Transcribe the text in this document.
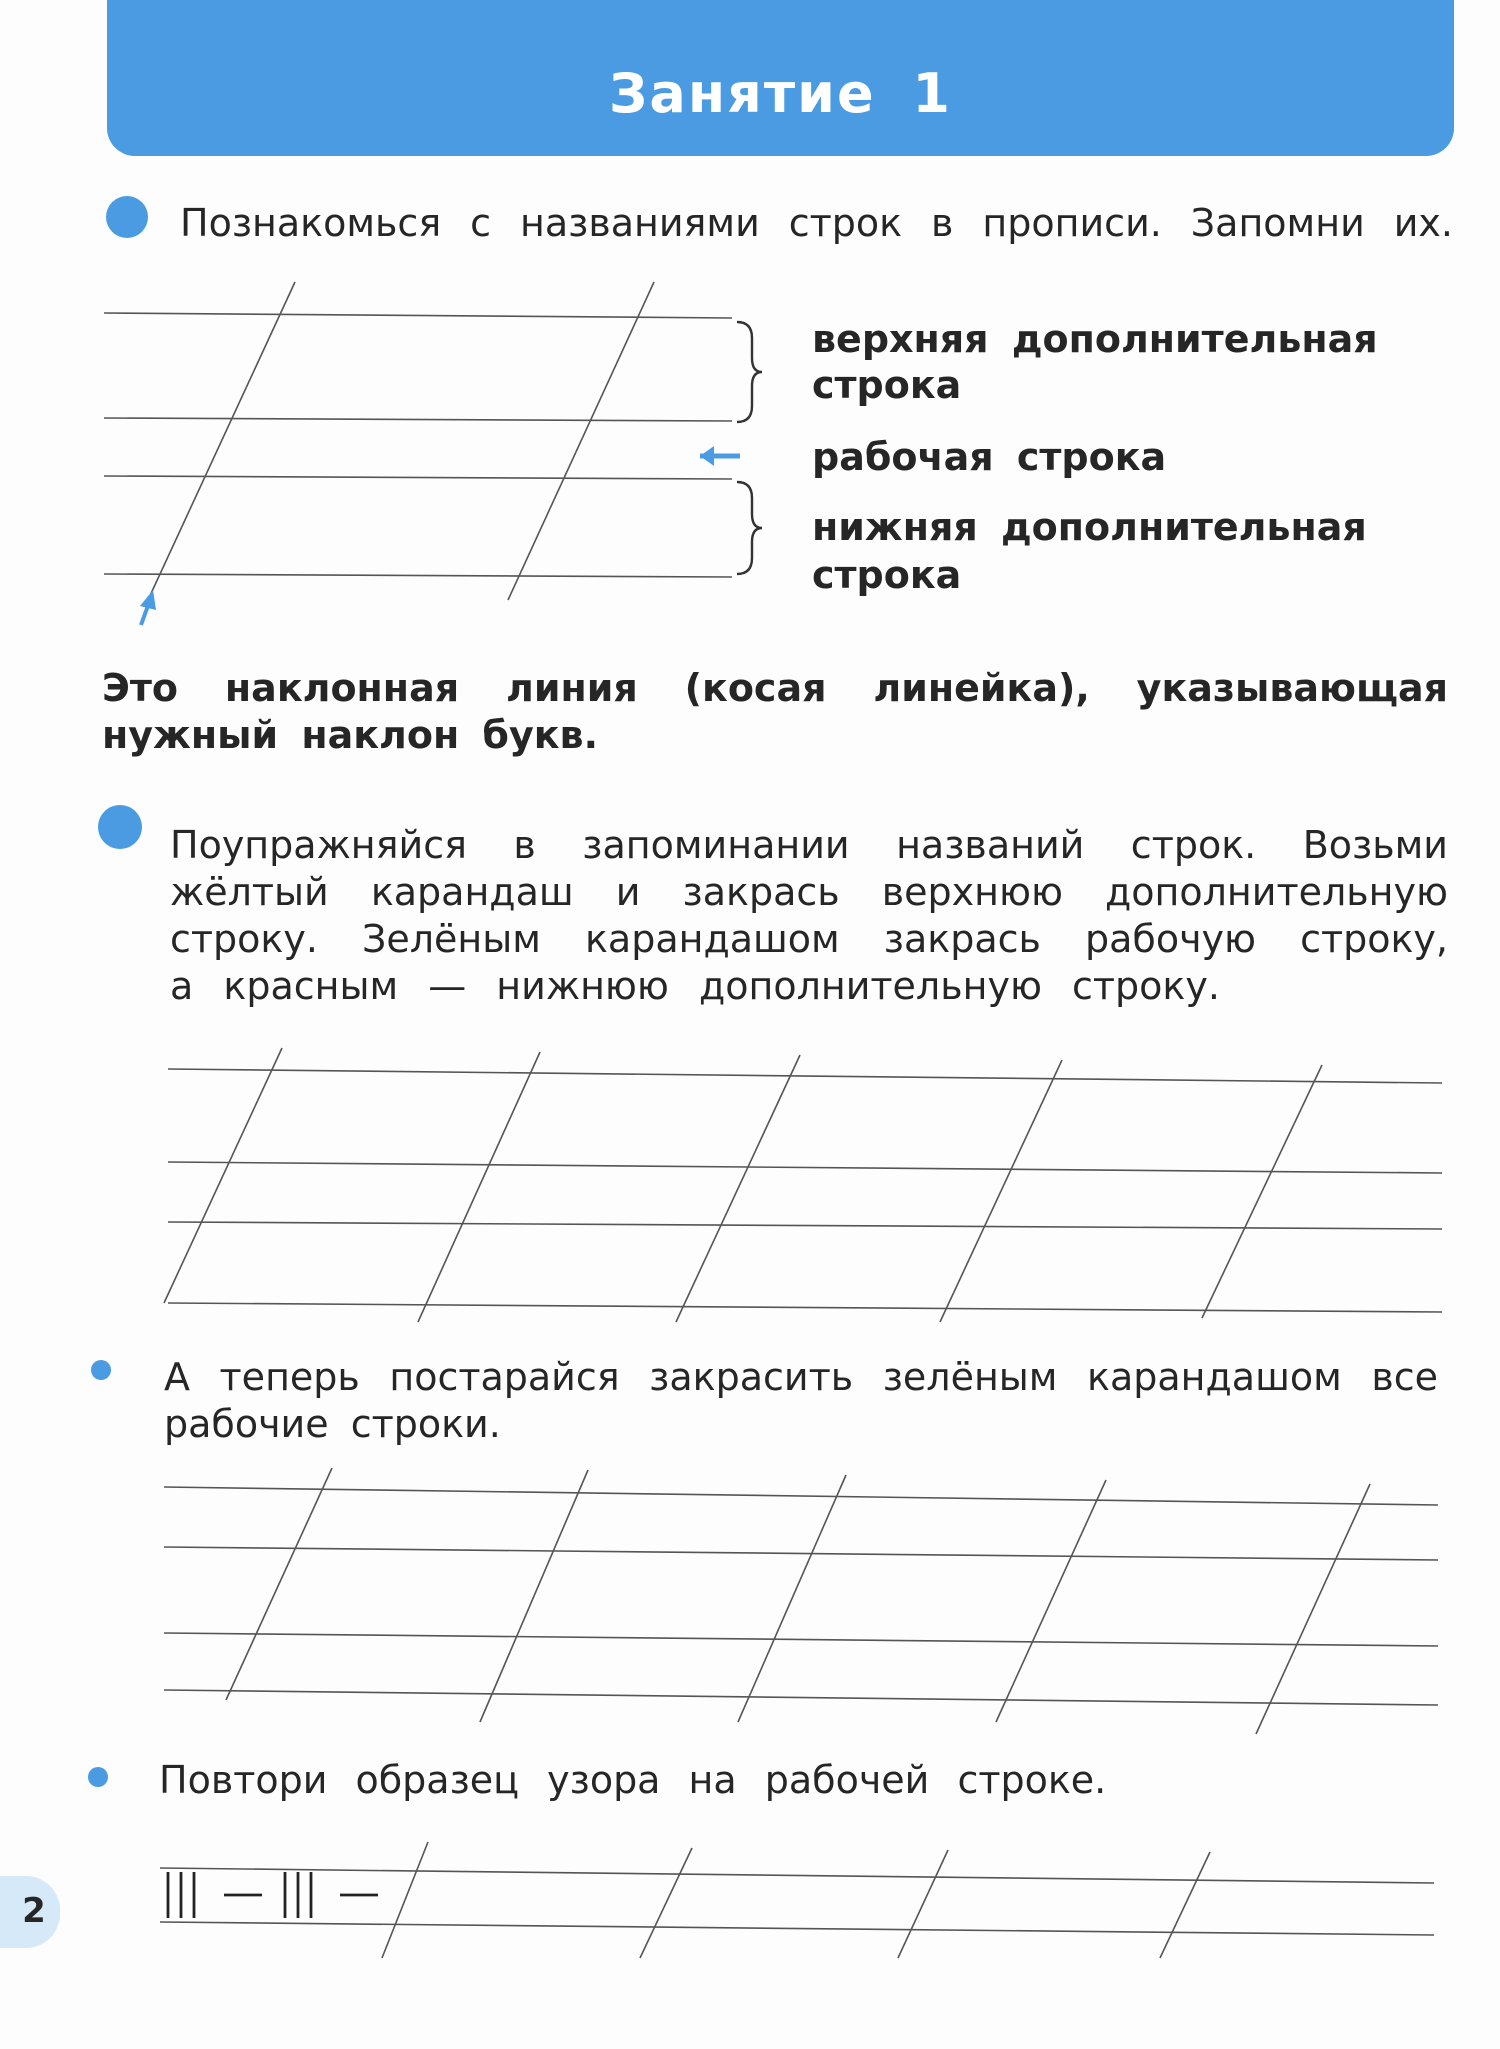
Занятие 1
Познакомься с названиями строк в прописи. Запомни их.
верхняя дополнительная
строка
рабочая строка
нижняя дополнительная
строка
Это наклонная линия (косая линейка), указывающая
нужный наклон букв.
Поупражняйся в запоминании названий строк. Возьми
жёлтый карандаш и закрась верхнюю дополнительную
строку. Зелёным карандашом закрась рабочую строку,
а красным — нижнюю дополнительную строку.
А теперь постарайся закрасить зелёным карандашом все
рабочие строки.
Повтори образец узора на рабочей строке.
2
